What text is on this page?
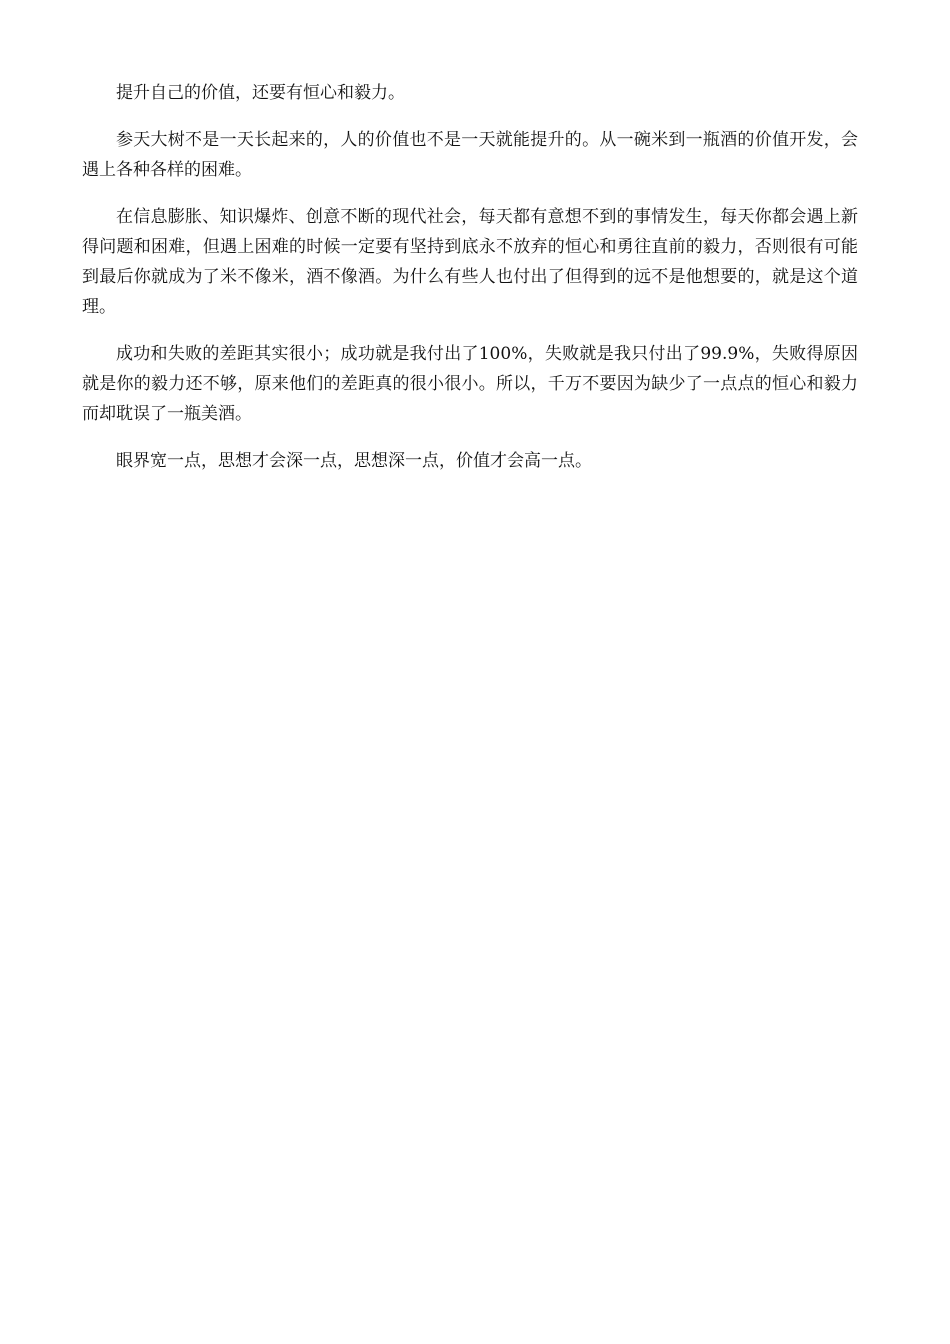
提升自己的价值，还要有恒心和毅力。

参天大树不是一天长起来的，人的价值也不是一天就能提升的。从一碗米到一瓶酒的价值开发，会遇上各种各样的困难。

在信息膨胀、知识爆炸、创意不断的现代社会，每天都有意想不到的事情发生，每天你都会遇上新得问题和困难，但遇上困难的时候一定要有坚持到底永不放弃的恒心和勇往直前的毅力，否则很有可能到最后你就成为了米不像米，酒不像酒。为什么有些人也付出了但得到的远不是他想要的，就是这个道理。

成功和失败的差距其实很小；成功就是我付出了100%，失败就是我只付出了99.9%，失败得原因就是你的毅力还不够，原来他们的差距真的很小很小。所以，千万不要因为缺少了一点点的恒心和毅力而却耽误了一瓶美酒。

眼界宽一点，思想才会深一点，思想深一点，价值才会高一点。
